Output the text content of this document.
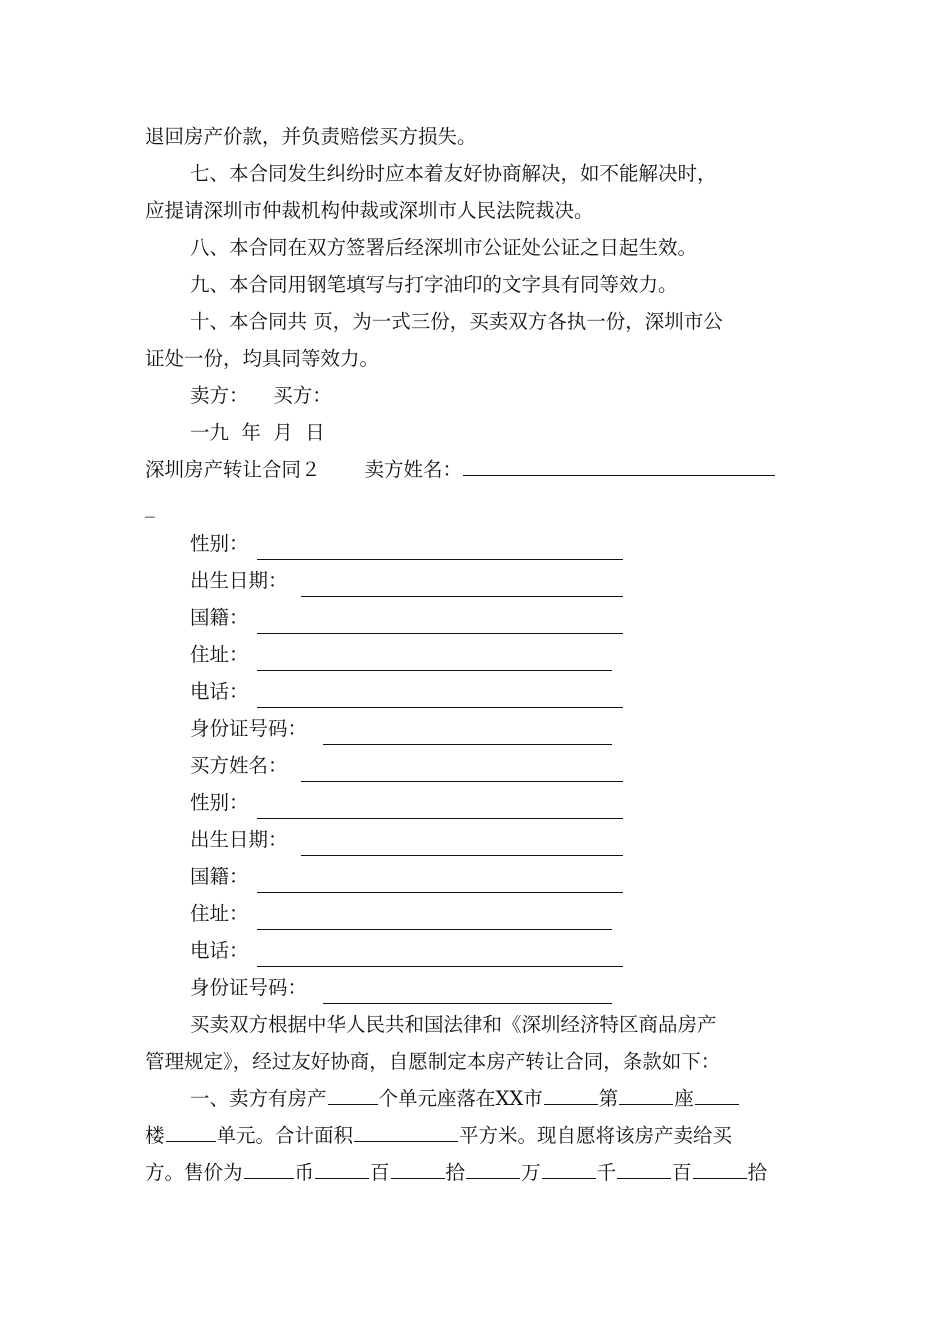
退回房产价款，并负责赔偿买方损失。
七、本合同发生纠纷时应本着友好协商解决，如不能解决时，
应提请深圳市仲裁机构仲裁或深圳市人民法院裁决。
八、本合同在双方签署后经深圳市公证处公证之日起生效。
九、本合同用钢笔填写与打字油印的文字具有同等效力。
十、本合同共 页，为一式三份，买卖双方各执一份，深圳市公
证处一份，均具同等效力。
卖方：    买方：
一九  年  月  日
深圳房产转让合同２ 卖方姓名：
_
性别：
出生日期：
国籍：
住址：
电话：
身份证号码：
买方姓名：
性别：
出生日期：
国籍：
住址：
电话：
身份证号码：
买卖双方根据中华人民共和国法律和《深圳经济特区商品房产
管理规定》，经过友好协商，自愿制定本房产转让合同，条款如下：
一、卖方有房产	个单元座落在XX市	第	座
楼	单元。合计面积	平方米。现自愿将该房产卖给买
方。售价为	币	百	拾	万	千	百	拾
